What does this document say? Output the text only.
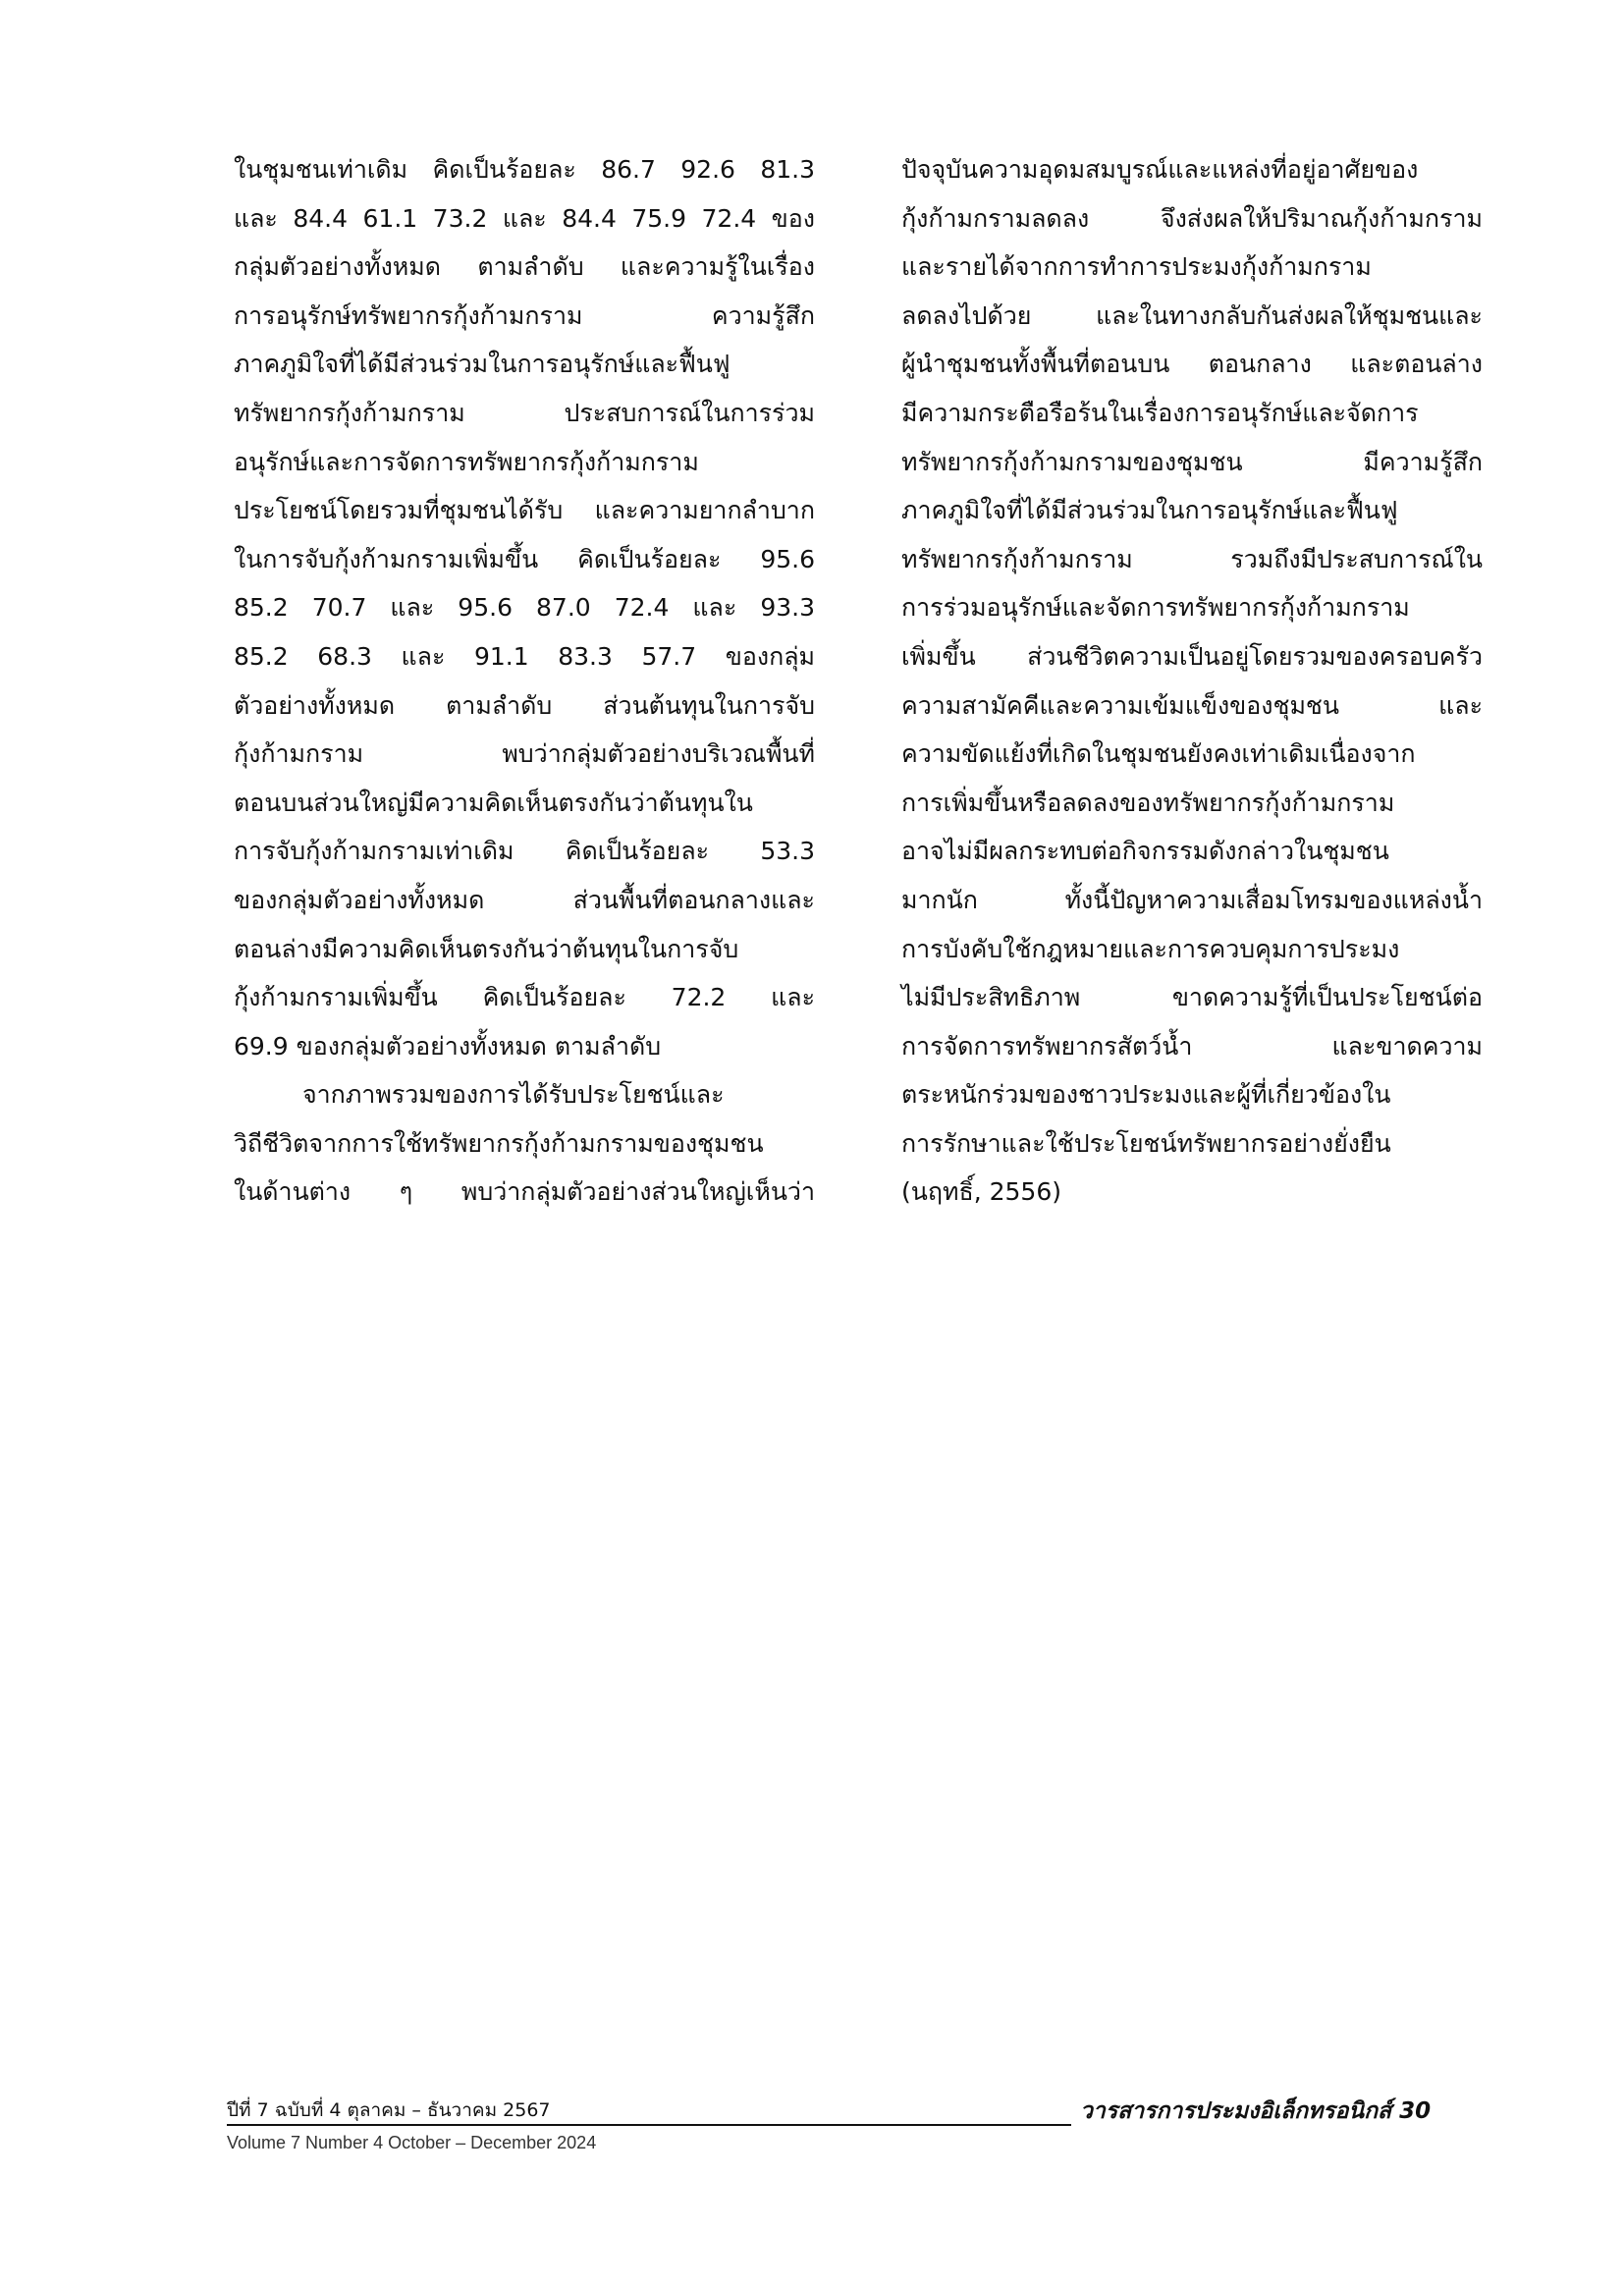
ในชุมชนเท่าเดิม คิดเป็นร้อยละ 86.7 92.6 81.3
และ 84.4 61.1 73.2 และ 84.4 75.9 72.4 ของ
กลุ่มตัวอย่างทั้งหมด ตามลำดับ และความรู้ในเรื่อง
การอนุรักษ์ทรัพยากรกุ้งก้ามกราม ความรู้สึก
ภาคภูมิใจที่ได้มีส่วนร่วมในการอนุรักษ์และฟื้นฟู
ทรัพยากรกุ้งก้ามกราม ประสบการณ์ในการร่วม
อนุรักษ์และการจัดการทรัพยากรกุ้งก้ามกราม
ประโยชน์โดยรวมที่ชุมชนได้รับ และความยากลำบาก
ในการจับกุ้งก้ามกรามเพิ่มขึ้น คิดเป็นร้อยละ 95.6
85.2 70.7 และ 95.6 87.0 72.4 และ 93.3
85.2 68.3 และ 91.1 83.3 57.7 ของกลุ่ม
ตัวอย่างทั้งหมด ตามลำดับ ส่วนต้นทุนในการจับ
กุ้งก้ามกราม พบว่ากลุ่มตัวอย่างบริเวณพื้นที่
ตอนบนส่วนใหญ่มีความคิดเห็นตรงกันว่าต้นทุนใน
การจับกุ้งก้ามกรามเท่าเดิม คิดเป็นร้อยละ 53.3
ของกลุ่มตัวอย่างทั้งหมด ส่วนพื้นที่ตอนกลางและ
ตอนล่างมีความคิดเห็นตรงกันว่าต้นทุนในการจับ
กุ้งก้ามกรามเพิ่มขึ้น คิดเป็นร้อยละ 72.2 และ
69.9 ของกลุ่มตัวอย่างทั้งหมด ตามลำดับ
จากภาพรวมของการได้รับประโยชน์และ
วิถีชีวิตจากการใช้ทรัพยากรกุ้งก้ามกรามของชุมชน
ในด้านต่าง ๆ พบว่ากลุ่มตัวอย่างส่วนใหญ่เห็นว่า
ปัจจุบันความอุดมสมบูรณ์และแหล่งที่อยู่อาศัยของ
กุ้งก้ามกรามลดลง จึงส่งผลให้ปริมาณกุ้งก้ามกราม
และรายได้จากการทำการประมงกุ้งก้ามกราม
ลดลงไปด้วย และในทางกลับกันส่งผลให้ชุมชนและ
ผู้นำชุมชนทั้งพื้นที่ตอนบน ตอนกลาง และตอนล่าง
มีความกระตือรือร้นในเรื่องการอนุรักษ์และจัดการ
ทรัพยากรกุ้งก้ามกรามของชุมชน มีความรู้สึก
ภาคภูมิใจที่ได้มีส่วนร่วมในการอนุรักษ์และฟื้นฟู
ทรัพยากรกุ้งก้ามกราม รวมถึงมีประสบการณ์ใน
การร่วมอนุรักษ์และจัดการทรัพยากรกุ้งก้ามกราม
เพิ่มขึ้น ส่วนชีวิตความเป็นอยู่โดยรวมของครอบครัว
ความสามัคคีและความเข้มแข็งของชุมชน และ
ความขัดแย้งที่เกิดในชุมชนยังคงเท่าเดิมเนื่องจาก
การเพิ่มขึ้นหรือลดลงของทรัพยากรกุ้งก้ามกราม
อาจไม่มีผลกระทบต่อกิจกรรมดังกล่าวในชุมชน
มากนัก ทั้งนี้ปัญหาความเสื่อมโทรมของแหล่งน้ำ
การบังคับใช้กฎหมายและการควบคุมการประมง
ไม่มีประสิทธิภาพ ขาดความรู้ที่เป็นประโยชน์ต่อ
การจัดการทรัพยากรสัตว์น้ำ และขาดความ
ตระหนักร่วมของชาวประมงและผู้ที่เกี่ยวข้องใน
การรักษาและใช้ประโยชน์ทรัพยากรอย่างยั่งยืน
(นฤทธิ์, 2556)
ปีที่ 7 ฉบับที่ 4 ตุลาคม – ธันวาคม 2567	วารสารการประมงอิเล็กทรอนิกส์ 30
Volume 7 Number 4 October – December 2024
